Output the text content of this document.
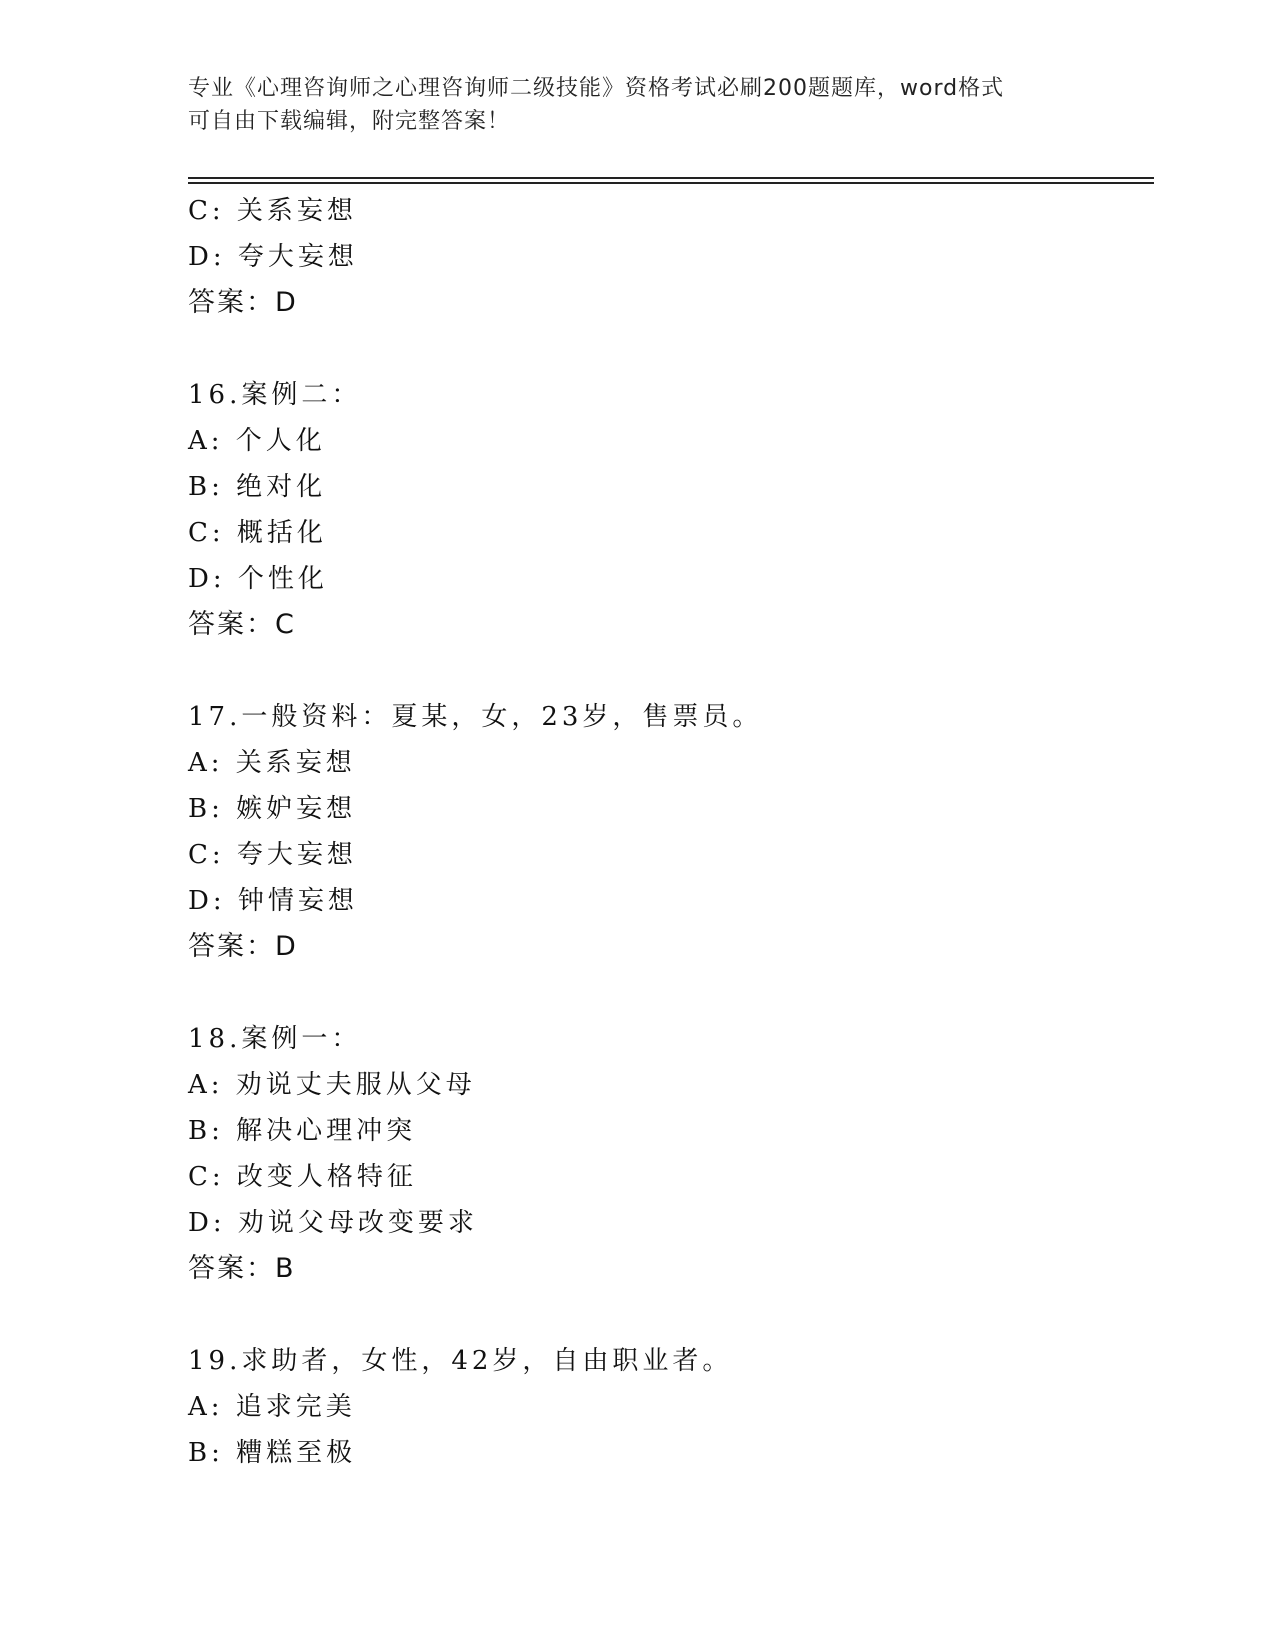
专业《心理咨询师之心理咨询师二级技能》资格考试必刷200题题库，word格式
可自由下载编辑，附完整答案！
C: 关系妄想
D: 夸大妄想
答案：D
16.案例二：
A: 个人化
B: 绝对化
C: 概括化
D: 个性化
答案：C
17.一般资料：夏某，女，23岁，售票员。
A: 关系妄想
B: 嫉妒妄想
C: 夸大妄想
D: 钟情妄想
答案：D
18.案例一：
A: 劝说丈夫服从父母
B: 解决心理冲突
C: 改变人格特征
D: 劝说父母改变要求
答案：B
19.求助者，女性，42岁，自由职业者。
A: 追求完美
B: 糟糕至极
